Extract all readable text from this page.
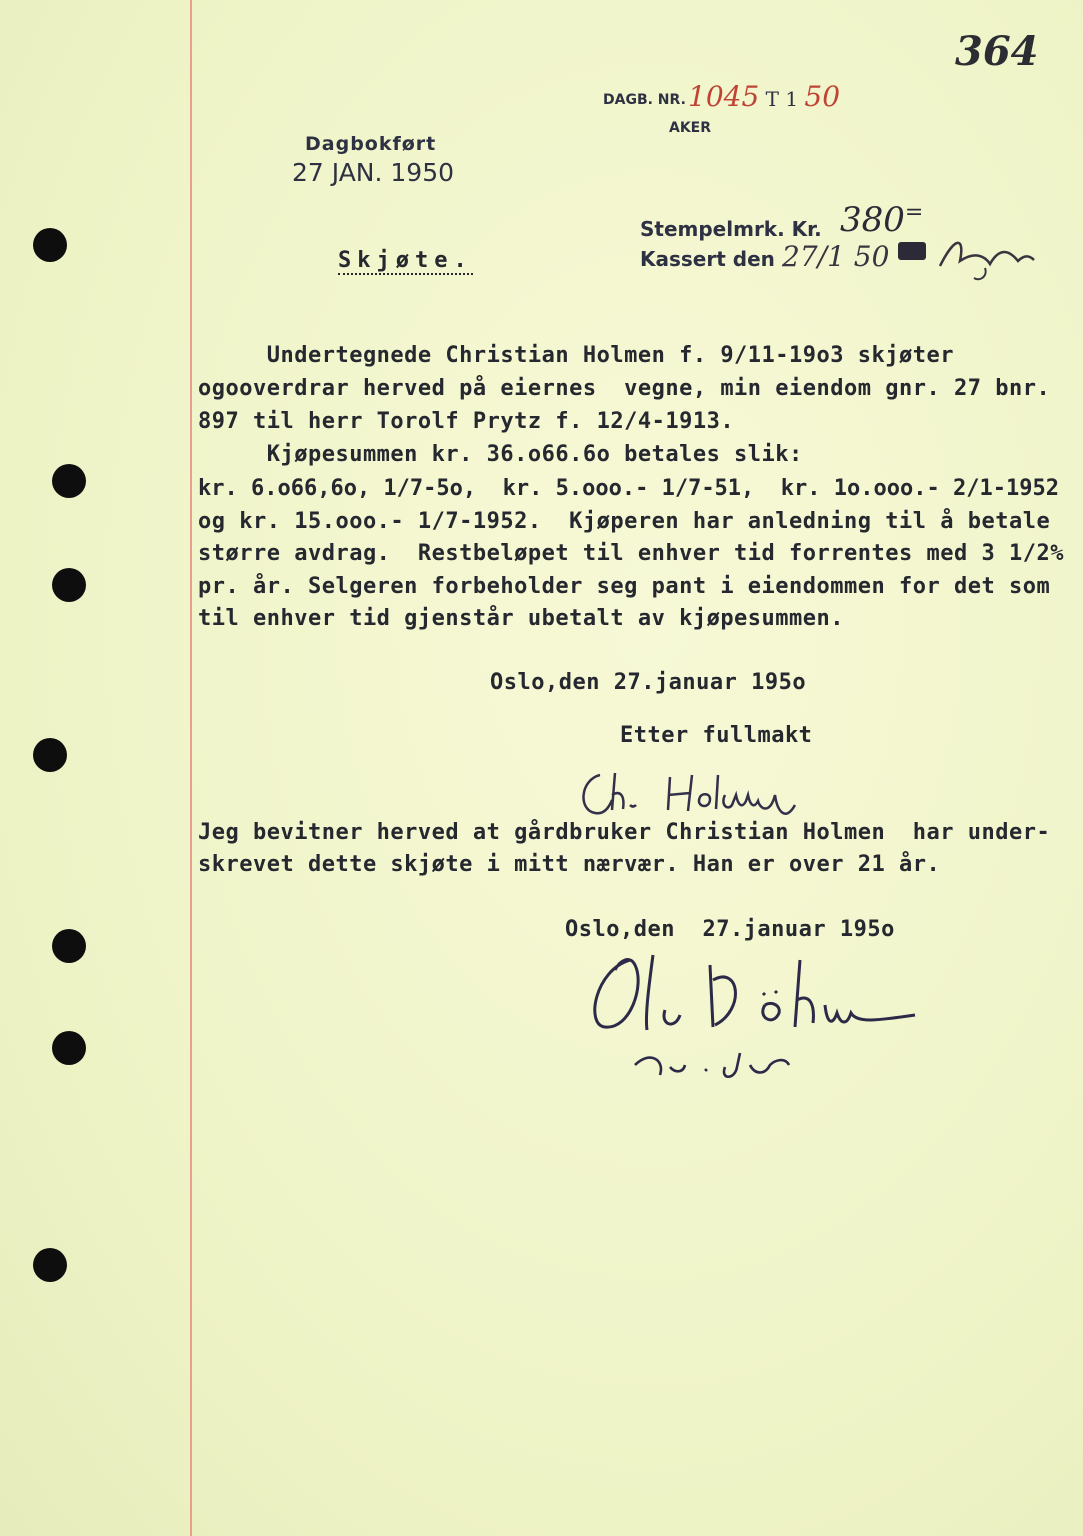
DAGB. NR. 1045 T 1 50
AKER
364
Dagbokført
27 JAN. 1950
Stempelmrk. Kr. 380=
Kassert den 27/1 50
Skjøte.
Undertegnede Christian Holmen f. 9/11-19o3 skjøter
ogooverdrar herved på eiernes  vegne, min eiendom gnr. 27 bnr.
897 til herr Torolf Prytz f. 12/4-1913.
Kjøpesummen kr. 36.o66.6o betales slik:
kr. 6.o66,6o, 1/7-5o,  kr. 5.ooo.- 1/7-51,  kr. 1o.ooo.- 2/1-1952
og kr. 15.ooo.- 1/7-1952.  Kjøperen har anledning til å betale
større avdrag.  Restbeløpet til enhver tid forrentes med 3 1/2%
pr. år. Selgeren forbeholder seg pant i eiendommen for det som
til enhver tid gjenstår ubetalt av kjøpesummen.
Oslo,den 27.januar 195o
Etter fullmakt
Jeg bevitner herved at gårdbruker Christian Holmen  har under-
skrevet dette skjøte i mitt nærvær. Han er over 21 år.
Oslo,den  27.januar 195o
